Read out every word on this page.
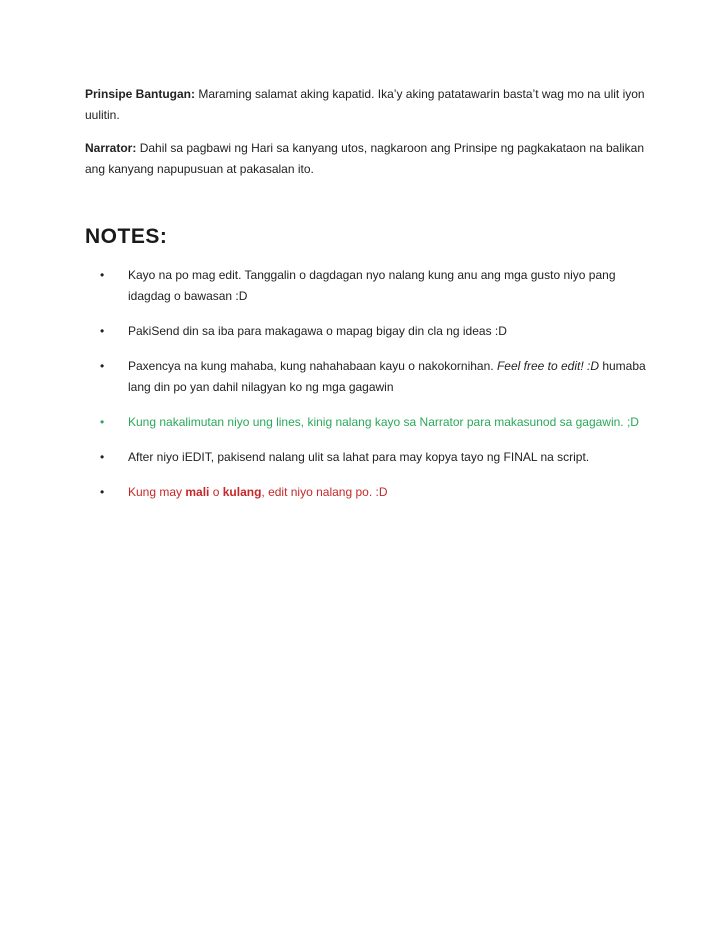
Prinsipe Bantugan: Maraming salamat aking kapatid. Ika’y aking patatawarin basta’t wag mo na ulit iyon uulitin.
Narrator: Dahil sa pagbawi ng Hari sa kanyang utos, nagkaroon ang Prinsipe ng pagkakataon na balikan ang kanyang napupusuan at pakasalan ito.
NOTES:
• Kayo na po mag edit. Tanggalin o dagdagan nyo nalang kung anu ang mga gusto niyo pang idagdag o bawasan :D
• PakiSend din sa iba para makagawa o mapag bigay din cla ng ideas :D
• Paxencya na kung mahaba, kung nahahabaan kayu o nakokornihan. Feel free to edit! :D humaba lang din po yan dahil nilagyan ko ng mga gagawin
• Kung nakalimutan niyo ung lines, kinig nalang kayo sa Narrator para makasunod sa gagawin. ;D
• After niyo iEDIT, pakisend nalang ulit sa lahat para may kopya tayo ng FINAL na script.
• Kung may mali o kulang, edit niyo nalang po. :D
